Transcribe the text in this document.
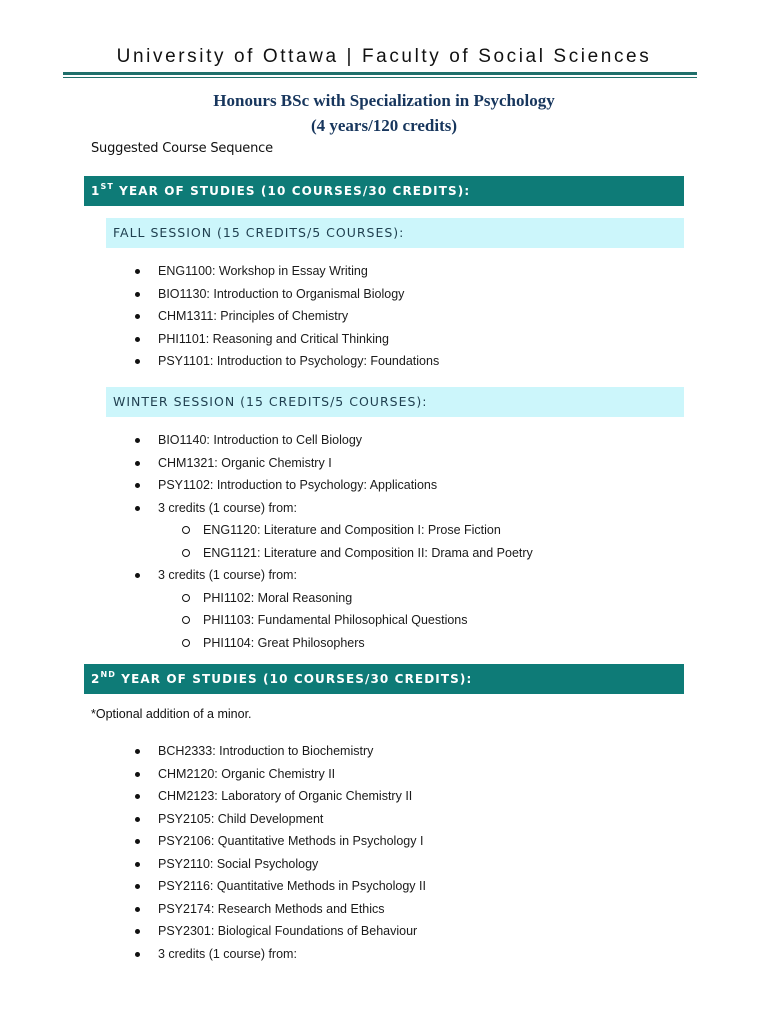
University of Ottawa | Faculty of Social Sciences
Honours BSc with Specialization in Psychology
(4 years/120 credits)
Suggested Course Sequence
1ST YEAR OF STUDIES (10 COURSES/30 CREDITS):
FALL SESSION (15 CREDITS/5 COURSES):
ENG1100: Workshop in Essay Writing
BIO1130: Introduction to Organismal Biology
CHM1311: Principles of Chemistry
PHI1101: Reasoning and Critical Thinking
PSY1101: Introduction to Psychology: Foundations
WINTER SESSION (15 CREDITS/5 COURSES):
BIO1140: Introduction to Cell Biology
CHM1321: Organic Chemistry I
PSY1102: Introduction to Psychology: Applications
3 credits (1 course) from:
ENG1120: Literature and Composition I: Prose Fiction
ENG1121: Literature and Composition II: Drama and Poetry
3 credits (1 course) from:
PHI1102: Moral Reasoning
PHI1103: Fundamental Philosophical Questions
PHI1104: Great Philosophers
2ND YEAR OF STUDIES (10 COURSES/30 CREDITS):
*Optional addition of a minor.
BCH2333: Introduction to Biochemistry
CHM2120: Organic Chemistry II
CHM2123: Laboratory of Organic Chemistry II
PSY2105: Child Development
PSY2106: Quantitative Methods in Psychology I
PSY2110: Social Psychology
PSY2116: Quantitative Methods in Psychology II
PSY2174: Research Methods and Ethics
PSY2301: Biological Foundations of Behaviour
3 credits (1 course) from:
